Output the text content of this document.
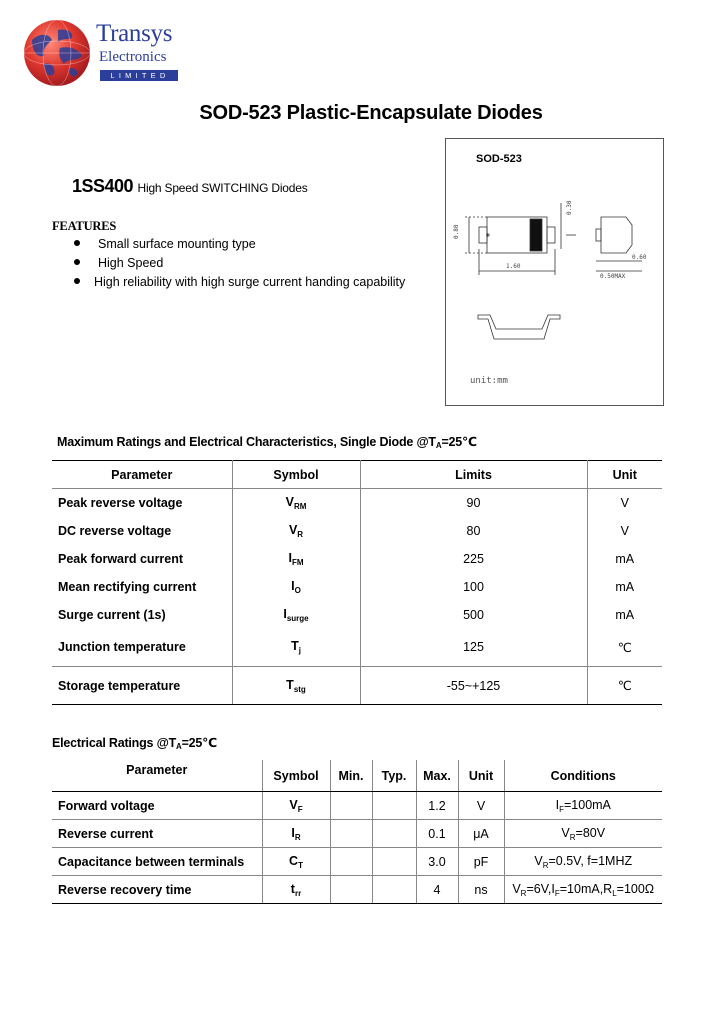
Transys
Electronics
LIMITED
SOD-523 Plastic-Encapsulate Diodes
1SS400 High Speed SWITCHING Diodes
FEATURES
Small surface mounting type
High Speed
High reliability with high surge current handing capability
SOD-523
0.80
1.60
0.30
0.60
0.50MAX
unit:mm
Maximum Ratings and Electrical Characteristics, Single Diode $@T_A=25℃$
Parameter	Symbol	Limits	Unit
Peak reverse voltage	$V_{RM}$	90	V
DC reverse voltage	$V_R$	80	V
Peak forward current	$I_{FM}$	225	mA
Mean rectifying current	$I_O$	100	mA
Surge current (1s)	$I_{surge}$	500	mA
Junction temperature	$T_j$	125	℃
Storage temperature	$T_{stg}$	-55~+125	℃
Electrical Ratings $@T_A=25℃$
Parameter	Symbol	Min.	Typ.	Max.	Unit	Conditions
Forward voltage	$V_F$			1.2	V	$I_F=100mA$
Reverse current	$I_R$			0.1	μA	$V_R=80V$
Capacitance between terminals	$C_T$			3.0	pF	$V_R=0.5V$, f=1MHZ
Reverse recovery time	$t_{rr}$			4	ns	$V_R=6V,I_F=10mA,R_L=100\Omega$
